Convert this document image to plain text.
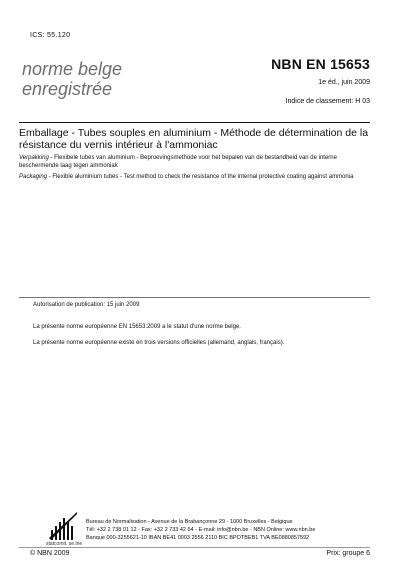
ICS: 55.120
norme belge
enregistrée
NBN EN 15653
1e éd., juin 2009
Indice de classement: H 03
Emballage - Tubes souples en aluminium - Méthode de détermination de la résistance du vernis intérieur à l'ammoniac
Verpakking - Flexibele tubes van aluminium - Beproevingsmethode voor het bepalen van de bestandheid van de interne beschermende laag tegen ammoniak
Packaging - Flexible aluminium tubes - Test method to check the resistance of the internal protective coating against ammonia
Autorisation de publication: 15 juin 2009
La présente norme européenne EN 15653:2009 a le statut d'une norme belge.
La présente norme européenne existe en trois versions officielles (allemand, anglais, français).
statcomit. se.lne
Bureau de Normalisation - Avenue de la Brabançonne 29 - 1000 Bruxelles - Belgique
Tél: +32 2 738 01 12 - Fax: +32 2 733 42 64 - E-mail: info@nbn.be - NBN Online: www.nbn.be
Banque 000-3255621-10 IBAN BE41 0003 2556 2110 BIC BPOTBEB1 TVA BE0880857592
© NBN 2009	Prix: groupe 6
